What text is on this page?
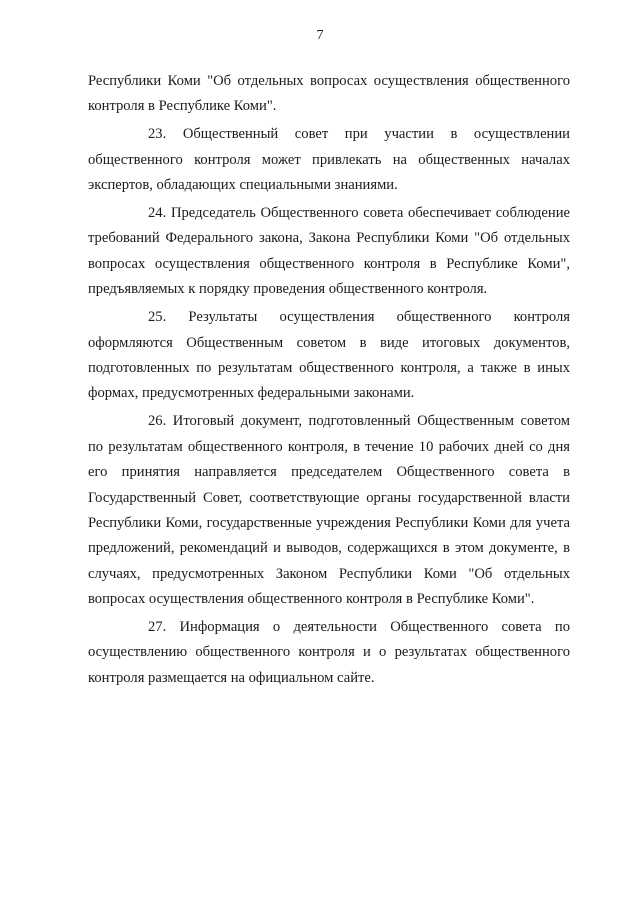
7

Республики Коми "Об отдельных вопросах осуществления общественного контроля в Республике Коми".

23. Общественный совет при участии в осуществлении общественного контроля может привлекать на общественных началах экспертов, обладающих специальными знаниями.

24. Председатель Общественного совета обеспечивает соблюдение требований Федерального закона, Закона Республики Коми "Об отдельных вопросах осуществления общественного контроля в Республике Коми", предъявляемых к порядку проведения общественного контроля.

25. Результаты осуществления общественного контроля оформляются Общественным советом в виде итоговых документов, подготовленных по результатам общественного контроля, а также в иных формах, предусмотренных федеральными законами.

26. Итоговый документ, подготовленный Общественным советом по результатам общественного контроля, в течение 10 рабочих дней со дня его принятия направляется председателем Общественного совета в Государственный Совет, соответствующие органы государственной власти Республики Коми, государственные учреждения Республики Коми для учета предложений, рекомендаций и выводов, содержащихся в этом документе, в случаях, предусмотренных Законом Республики Коми "Об отдельных вопросах осуществления общественного контроля в Республике Коми".

27. Информация о деятельности Общественного совета по осуществлению общественного контроля и о результатах общественного контроля размещается на официальном сайте.
